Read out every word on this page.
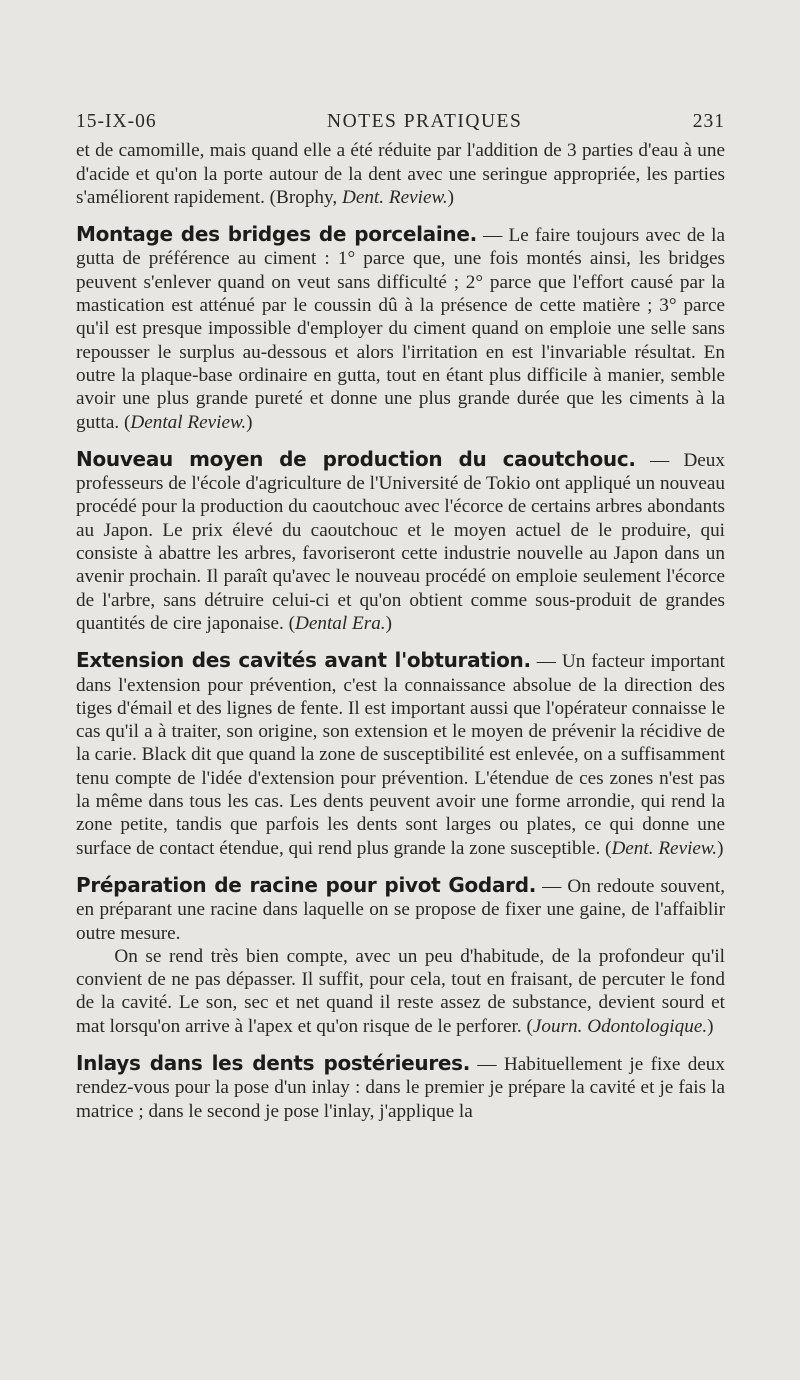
15-IX-06	NOTES PRATIQUES	231

et de camomille, mais quand elle a été réduite par l'addition de 3 parties d'eau à une d'acide et qu'on la porte autour de la dent avec une seringue appropriée, les parties s'améliorent rapidement. (Brophy, Dent. Review.)

Montage des bridges de porcelaine. — Le faire toujours avec de la gutta de préférence au ciment : 1° parce que, une fois montés ainsi, les bridges peuvent s'enlever quand on veut sans difficulté ; 2° parce que l'effort causé par la mastication est atténué par le coussin dû à la présence de cette matière ; 3° parce qu'il est presque impossible d'employer du ciment quand on emploie une selle sans repousser le surplus au-dessous et alors l'irritation en est l'invariable résultat. En outre la plaque-base ordinaire en gutta, tout en étant plus difficile à manier, semble avoir une plus grande pureté et donne une plus grande durée que les ciments à la gutta. (Dental Review.)

Nouveau moyen de production du caoutchouc. — Deux professeurs de l'école d'agriculture de l'Université de Tokio ont appliqué un nouveau procédé pour la production du caoutchouc avec l'écorce de certains arbres abondants au Japon. Le prix élevé du caoutchouc et le moyen actuel de le produire, qui consiste à abattre les arbres, favoriseront cette industrie nouvelle au Japon dans un avenir prochain. Il paraît qu'avec le nouveau procédé on emploie seulement l'écorce de l'arbre, sans détruire celui-ci et qu'on obtient comme sous-produit de grandes quantités de cire japonaise. (Dental Era.)

Extension des cavités avant l'obturation. — Un facteur important dans l'extension pour prévention, c'est la connaissance absolue de la direction des tiges d'émail et des lignes de fente. Il est important aussi que l'opérateur connaisse le cas qu'il a à traiter, son origine, son extension et le moyen de prévenir la récidive de la carie. Black dit que quand la zone de susceptibilité est enlevée, on a suffisamment tenu compte de l'idée d'extension pour prévention. L'étendue de ces zones n'est pas la même dans tous les cas. Les dents peuvent avoir une forme arrondie, qui rend la zone petite, tandis que parfois les dents sont larges ou plates, ce qui donne une surface de contact étendue, qui rend plus grande la zone susceptible. (Dent. Review.)

Préparation de racine pour pivot Godard. — On redoute souvent, en préparant une racine dans laquelle on se propose de fixer une gaine, de l'affaiblir outre mesure.

On se rend très bien compte, avec un peu d'habitude, de la profondeur qu'il convient de ne pas dépasser. Il suffit, pour cela, tout en fraisant, de percuter le fond de la cavité. Le son, sec et net quand il reste assez de substance, devient sourd et mat lorsqu'on arrive à l'apex et qu'on risque de le perforer. (Journ. Odontologique.)

Inlays dans les dents postérieures. — Habituellement je fixe deux rendez-vous pour la pose d'un inlay : dans le premier je prépare la cavité et je fais la matrice ; dans le second je pose l'inlay, j'applique la
